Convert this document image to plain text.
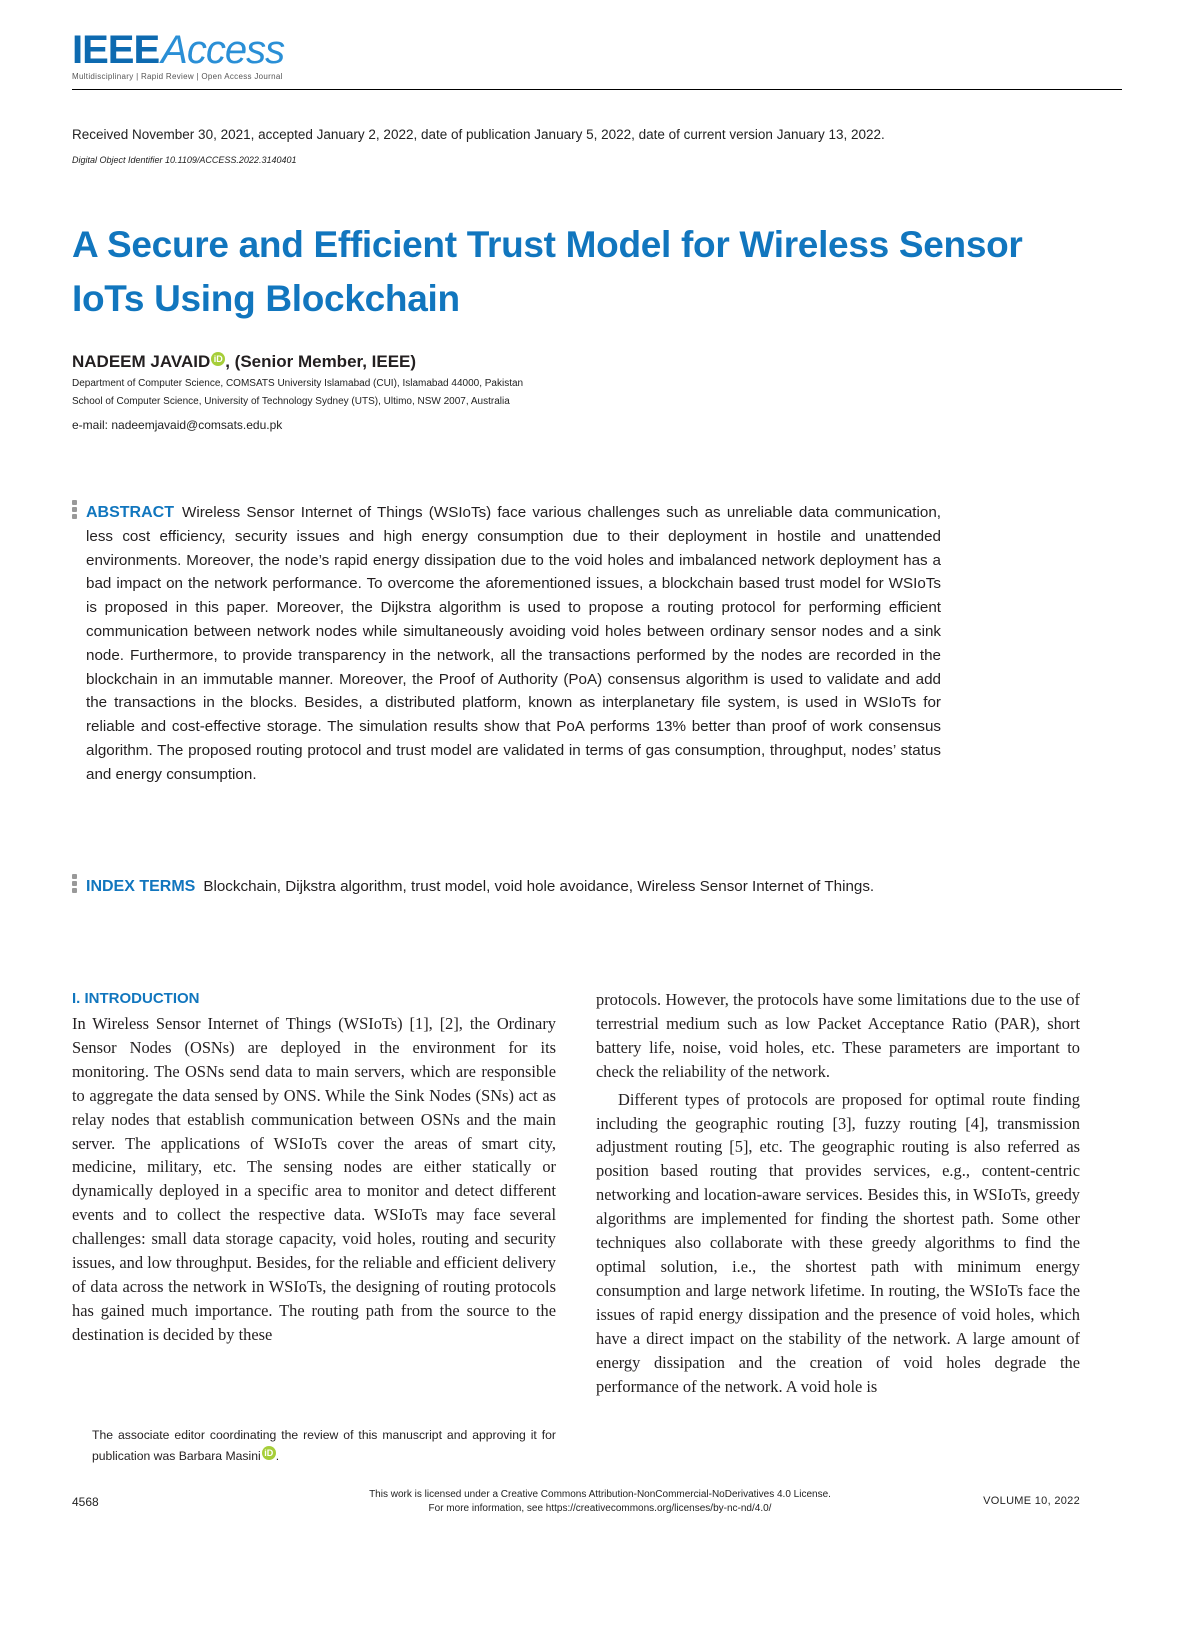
IEEEAccess
Multidisciplinary | Rapid Review | Open Access Journal
Received November 30, 2021, accepted January 2, 2022, date of publication January 5, 2022, date of current version January 13, 2022.
Digital Object Identifier 10.1109/ACCESS.2022.3140401
A Secure and Efficient Trust Model for Wireless Sensor IoTs Using Blockchain
NADEEM JAVAID iD , (Senior Member, IEEE)
Department of Computer Science, COMSATS University Islamabad (CUI), Islamabad 44000, Pakistan
School of Computer Science, University of Technology Sydney (UTS), Ultimo, NSW 2007, Australia
e-mail: nadeemjavaid@comsats.edu.pk
ABSTRACT Wireless Sensor Internet of Things (WSIoTs) face various challenges such as unreliable data communication, less cost efficiency, security issues and high energy consumption due to their deployment in hostile and unattended environments. Moreover, the node’s rapid energy dissipation due to the void holes and imbalanced network deployment has a bad impact on the network performance. To overcome the aforementioned issues, a blockchain based trust model for WSIoTs is proposed in this paper. Moreover, the Dijkstra algorithm is used to propose a routing protocol for performing efficient communication between network nodes while simultaneously avoiding void holes between ordinary sensor nodes and a sink node. Furthermore, to provide transparency in the network, all the transactions performed by the nodes are recorded in the blockchain in an immutable manner. Moreover, the Proof of Authority (PoA) consensus algorithm is used to validate and add the transactions in the blocks. Besides, a distributed platform, known as interplanetary file system, is used in WSIoTs for reliable and cost-effective storage. The simulation results show that PoA performs 13% better than proof of work consensus algorithm. The proposed routing protocol and trust model are validated in terms of gas consumption, throughput, nodes’ status and energy consumption.
INDEX TERMS Blockchain, Dijkstra algorithm, trust model, void hole avoidance, Wireless Sensor Internet of Things.
I. INTRODUCTION

In Wireless Sensor Internet of Things (WSIoTs) [1], [2], the Ordinary Sensor Nodes (OSNs) are deployed in the environment for its monitoring. The OSNs send data to main servers, which are responsible to aggregate the data sensed by ONS. While the Sink Nodes (SNs) act as relay nodes that establish communication between OSNs and the main server. The applications of WSIoTs cover the areas of smart city, medicine, military, etc. The sensing nodes are either statically or dynamically deployed in a specific area to monitor and detect different events and to collect the respective data. WSIoTs may face several challenges: small data storage capacity, void holes, routing and security issues, and low throughput. Besides, for the reliable and efficient delivery of data across the network in WSIoTs, the designing of routing protocols has gained much importance. The routing path from the source to the destination is decided by these

protocols. However, the protocols have some limitations due to the use of terrestrial medium such as low Packet Acceptance Ratio (PAR), short battery life, noise, void holes, etc. These parameters are important to check the reliability of the network.

Different types of protocols are proposed for optimal route finding including the geographic routing [3], fuzzy routing [4], transmission adjustment routing [5], etc. The geographic routing is also referred as position based routing that provides services, e.g., content-centric networking and location-aware services. Besides this, in WSIoTs, greedy algorithms are implemented for finding the shortest path. Some other techniques also collaborate with these greedy algorithms to find the optimal solution, i.e., the shortest path with minimum energy consumption and large network lifetime. In routing, the WSIoTs face the issues of rapid energy dissipation and the presence of void holes, which have a direct impact on the stability of the network. A large amount of energy dissipation and the creation of void holes degrade the performance of the network. A void hole is

The associate editor coordinating the review of this manuscript and approving it for publication was Barbara Masini iD .
This work is licensed under a Creative Commons Attribution-NonCommercial-NoDerivatives 4.0 License.
For more information, see https://creativecommons.org/licenses/by-nc-nd/4.0/
4568	VOLUME 10, 2022
